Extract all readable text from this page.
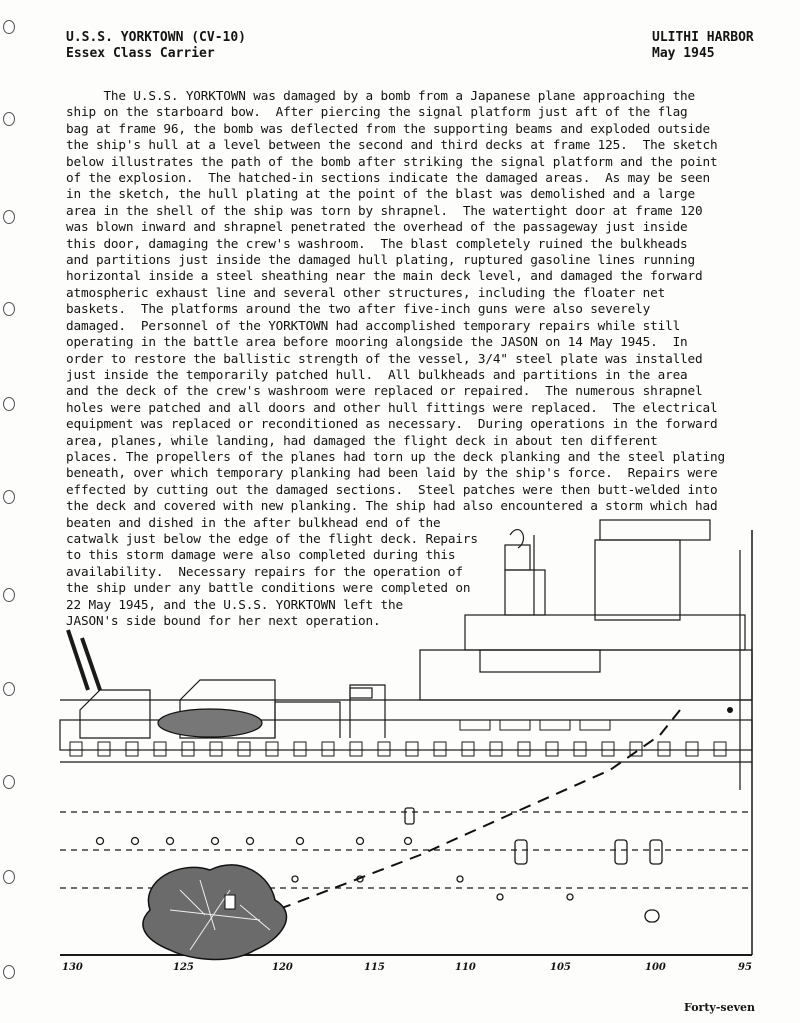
U.S.S. YORKTOWN (CV-10)
Essex Class Carrier
ULITHI HARBOR
May 1945
The U.S.S. YORKTOWN was damaged by a bomb from a Japanese plane approaching the
ship on the starboard bow.  After piercing the signal platform just aft of the flag
bag at frame 96, the bomb was deflected from the supporting beams and exploded outside
the ship's hull at a level between the second and third decks at frame 125.  The sketch
below illustrates the path of the bomb after striking the signal platform and the point
of the explosion.  The hatched-in sections indicate the damaged areas.  As may be seen
in the sketch, the hull plating at the point of the blast was demolished and a large
area in the shell of the ship was torn by shrapnel.  The watertight door at frame 120
was blown inward and shrapnel penetrated the overhead of the passageway just inside
this door, damaging the crew's washroom.  The blast completely ruined the bulkheads
and partitions just inside the damaged hull plating, ruptured gasoline lines running
horizontal inside a steel sheathing near the main deck level, and damaged the forward
atmospheric exhaust line and several other structures, including the floater net
baskets.  The platforms around the two after five-inch guns were also severely
damaged.  Personnel of the YORKTOWN had accomplished temporary repairs while still
operating in the battle area before mooring alongside the JASON on 14 May 1945.  In
order to restore the ballistic strength of the vessel, 3/4" steel plate was installed
just inside the temporarily patched hull.  All bulkheads and partitions in the area
and the deck of the crew's washroom were replaced or repaired.  The numerous shrapnel
holes were patched and all doors and other hull fittings were replaced.  The electrical
equipment was replaced or reconditioned as necessary.  During operations in the forward
area, planes, while landing, had damaged the flight deck in about ten different
places. The propellers of the planes had torn up the deck planking and the steel plating
beneath, over which temporary planking had been laid by the ship's force.  Repairs were
effected by cutting out the damaged sections.  Steel patches were then butt-welded into
the deck and covered with new planking. The ship had also encountered a storm which had
beaten and dished in the after bulkhead end of the
catwalk just below the edge of the flight deck. Repairs
to this storm damage were also completed during this
availability.  Necessary repairs for the operation of
the ship under any battle conditions were completed on
22 May 1945, and the U.S.S. YORKTOWN left the
JASON's side bound for her next operation.
130	125	120	115	110	105	100	95
Forty-seven
